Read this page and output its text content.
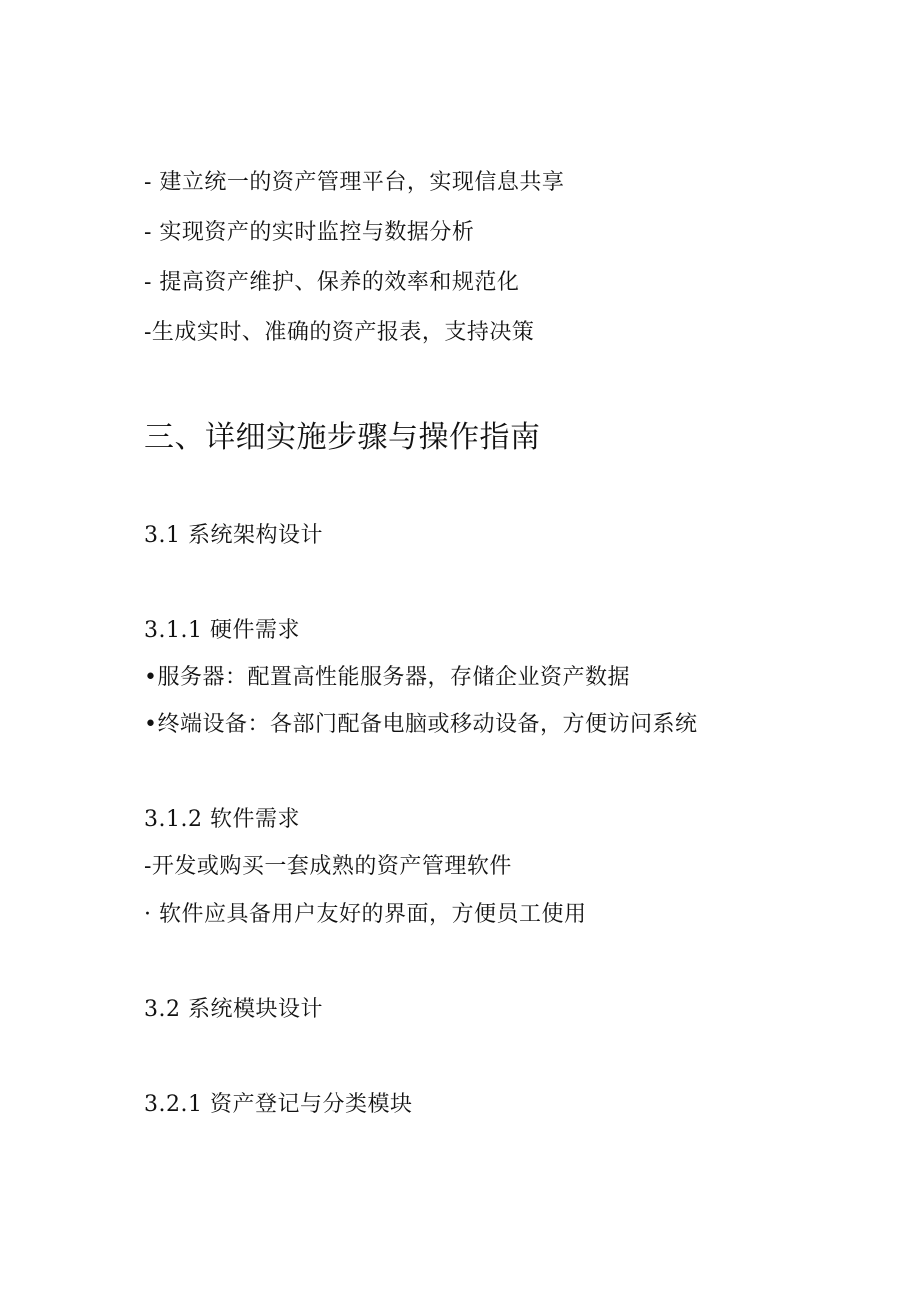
- 建立统一的资产管理平台，实现信息共享
- 实现资产的实时监控与数据分析
- 提高资产维护、保养的效率和规范化
-生成实时、准确的资产报表，支持决策
三、详细实施步骤与操作指南
3.1 系统架构设计
3.1.1 硬件需求
•服务器：配置高性能服务器，存储企业资产数据
•终端设备：各部门配备电脑或移动设备，方便访问系统
3.1.2 软件需求
-开发或购买一套成熟的资产管理软件
· 软件应具备用户友好的界面，方便员工使用
3.2 系统模块设计
3.2.1 资产登记与分类模块
